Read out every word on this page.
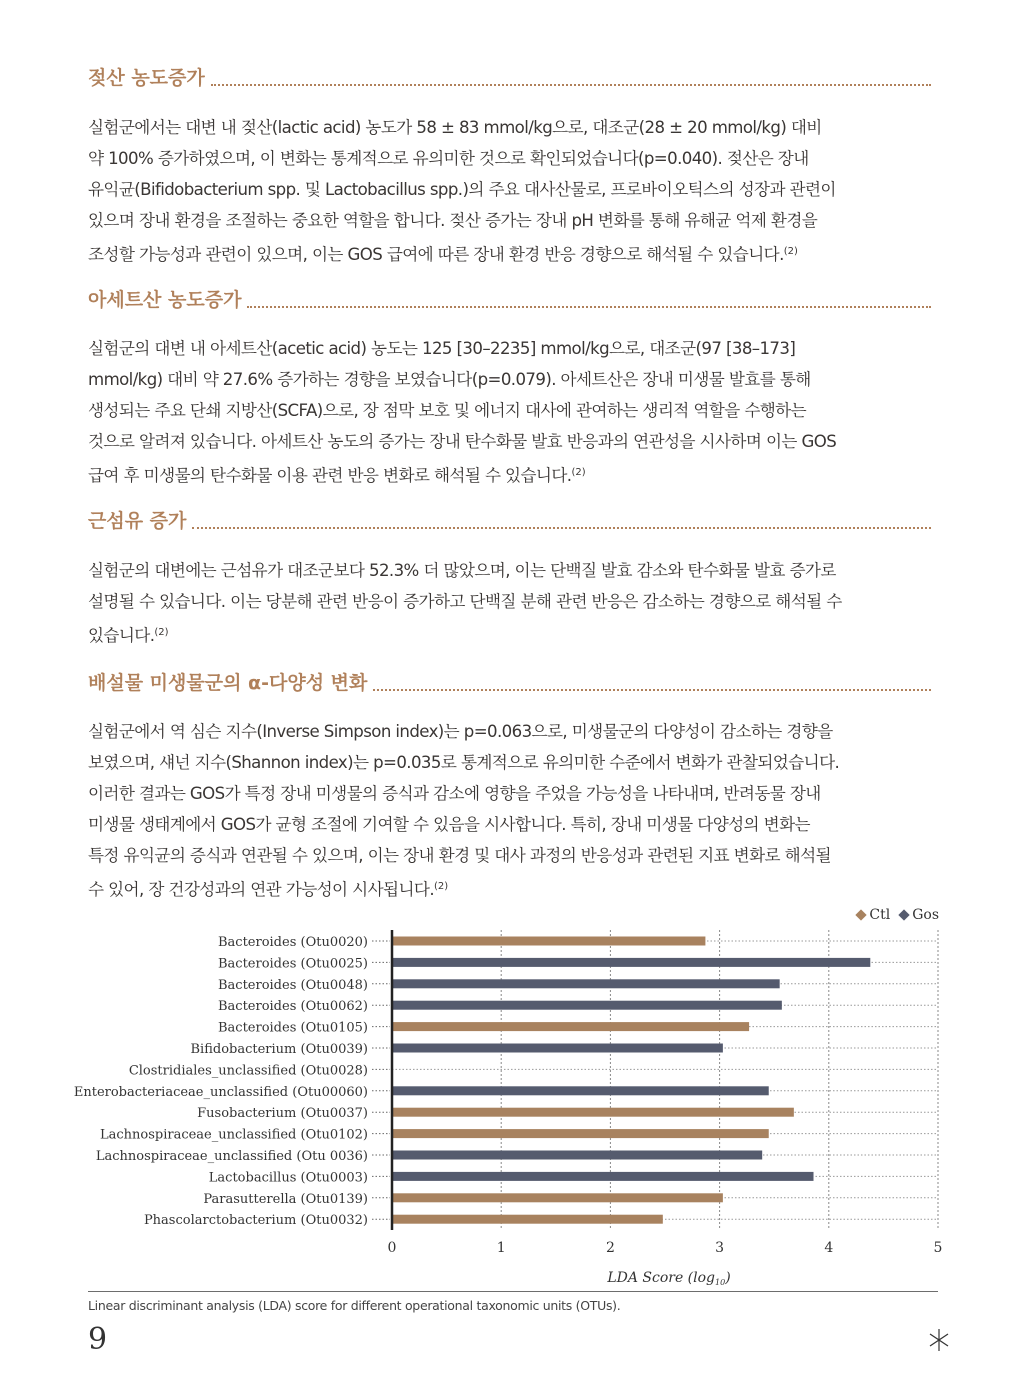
젖산 농도증가
실험군에서는 대변 내 젖산(lactic acid) 농도가 58 ± 83 mmol/kg으로, 대조군(28 ± 20 mmol/kg) 대비
약 100% 증가하였으며, 이 변화는 통계적으로 유의미한 것으로 확인되었습니다(p=0.040). 젖산은 장내
유익균(Bifidobacterium spp. 및 Lactobacillus spp.)의 주요 대사산물로, 프로바이오틱스의 성장과 관련이
있으며 장내 환경을 조절하는 중요한 역할을 합니다. 젖산 증가는 장내 pH 변화를 통해 유해균 억제 환경을
조성할 가능성과 관련이 있으며, 이는 GOS 급여에 따른 장내 환경 반응 경향으로 해석될 수 있습니다.$^{(2)}$
아세트산 농도증가
실험군의 대변 내 아세트산(acetic acid) 농도는 125 [30–2235] mmol/kg으로, 대조군(97 [38–173]
mmol/kg) 대비 약 27.6% 증가하는 경향을 보였습니다(p=0.079). 아세트산은 장내 미생물 발효를 통해
생성되는 주요 단쇄 지방산(SCFA)으로, 장 점막 보호 및 에너지 대사에 관여하는 생리적 역할을 수행하는
것으로 알려져 있습니다. 아세트산 농도의 증가는 장내 탄수화물 발효 반응과의 연관성을 시사하며 이는 GOS
급여 후 미생물의 탄수화물 이용 관련 반응 변화로 해석될 수 있습니다.$^{(2)}$
근섬유 증가
실험군의 대변에는 근섬유가 대조군보다 52.3% 더 많았으며, 이는 단백질 발효 감소와 탄수화물 발효 증가로
설명될 수 있습니다. 이는 당분해 관련 반응이 증가하고 단백질 분해 관련 반응은 감소하는 경향으로 해석될 수
있습니다.$^{(2)}$
배설물 미생물군의 α-다양성 변화
실험군에서 역 심슨 지수(Inverse Simpson index)는 p=0.063으로, 미생물군의 다양성이 감소하는 경향을
보였으며, 섀넌 지수(Shannon index)는 p=0.035로 통계적으로 유의미한 수준에서 변화가 관찰되었습니다.
이러한 결과는 GOS가 특정 장내 미생물의 증식과 감소에 영향을 주었을 가능성을 나타내며, 반려동물 장내
미생물 생태계에서 GOS가 균형 조절에 기여할 수 있음을 시사합니다. 특히, 장내 미생물 다양성의 변화는
특정 유익균의 증식과 연관될 수 있으며, 이는 장내 환경 및 대사 과정의 반응성과 관련된 지표 변화로 해석될
수 있어, 장 건강성과의 연관 가능성이 시사됩니다.$^{(2)}$
Ctl Gos
Bacteroides (Otu0020)
Bacteroides (Otu0025)
Bacteroides (Otu0048)
Bacteroides (Otu0062)
Bacteroides (Otu0105)
Bifidobacterium (Otu0039)
Clostridiales_unclassified (Otu0028)
Enterobacteriaceae_unclassified (Otu00060)
Fusobacterium (Otu0037)
Lachnospiraceae_unclassified (Otu0102)
Lachnospiraceae_unclassified (Otu 0036)
Lactobacillus (Otu0003)
Parasutterella (Otu0139)
Phascolarctobacterium (Otu0032)
0	1	2	3	4	5
LDA Score $(\log_{10})$
Linear discriminant analysis (LDA) score for different operational taxonomic units (OTUs).
9
